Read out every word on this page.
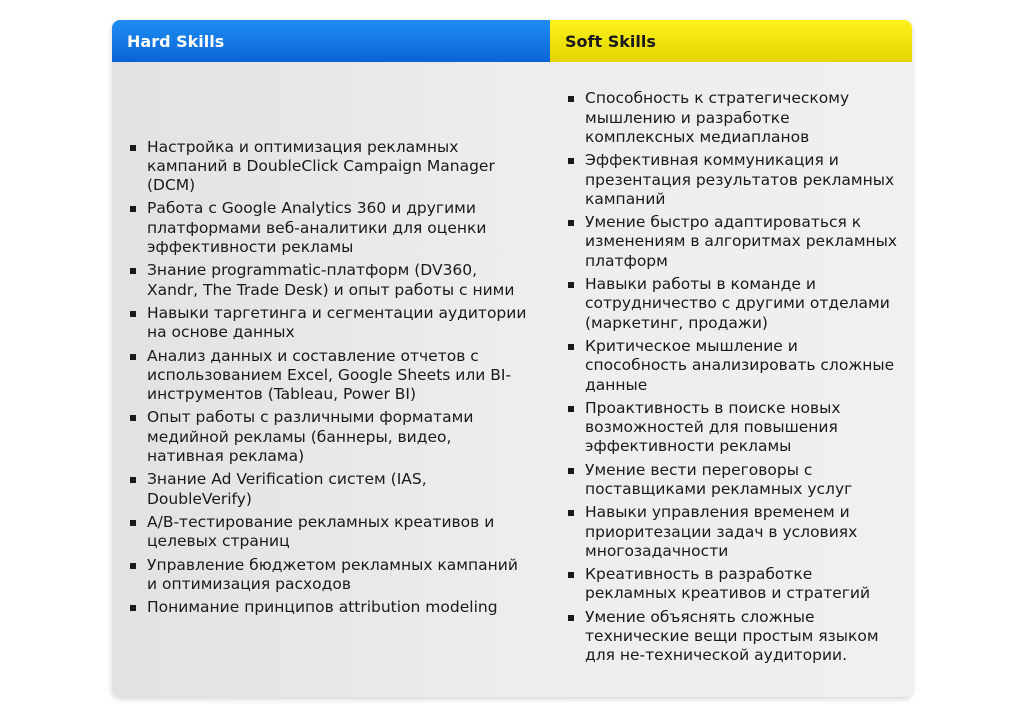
Hard Skills	Soft Skills
Настройка и оптимизация рекламных кампаний в DoubleClick Campaign Manager (DCM)
Работа с Google Analytics 360 и другими платформами веб-аналитики для оценки эффективности рекламы
Знание programmatic-платформ (DV360, Xandr, The Trade Desk) и опыт работы с ними
Навыки таргетинга и сегментации аудитории на основе данных
Анализ данных и составление отчетов с использованием Excel, Google Sheets или BI-инструментов (Tableau, Power BI)
Опыт работы с различными форматами медийной рекламы (баннеры, видео, нативная реклама)
Знание Ad Verification систем (IAS, DoubleVerify)
A/B-тестирование рекламных креативов и целевых страниц
Управление бюджетом рекламных кампаний и оптимизация расходов
Понимание принципов attribution modeling
Способность к стратегическому мышлению и разработке комплексных медиапланов
Эффективная коммуникация и презентация результатов рекламных кампаний
Умение быстро адаптироваться к изменениям в алгоритмах рекламных платформ
Навыки работы в команде и сотрудничество с другими отделами (маркетинг, продажи)
Критическое мышление и способность анализировать сложные данные
Проактивность в поиске новых возможностей для повышения эффективности рекламы
Умение вести переговоры с поставщиками рекламных услуг
Навыки управления временем и приоритезации задач в условиях многозадачности
Креативность в разработке рекламных креативов и стратегий
Умение объяснять сложные технические вещи простым языком для не-технической аудитории.
